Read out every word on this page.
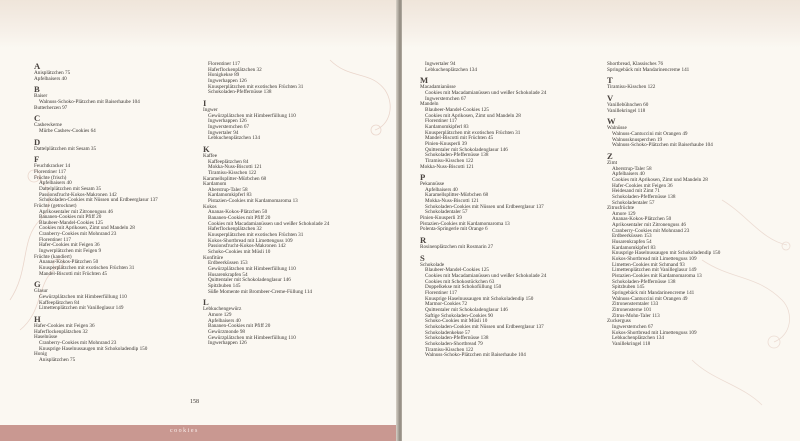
A
Anisplätzchen 75
Apfelbaisers 40
B
Baiser
Walnuss-Schoko-Plätzchen mit Baiserhaube 104
Butterherzen 97
C
Cashewkerne
Mürbe Cashew-Cookies 64
D
Dattelplätzchen mit Sesam 35
F
Feuchtkracker 14
Florentiner 117
Früchte (frisch)
Apfelbaisers 40
Dattelplätzchen mit Sesam 35
Passionsfrucht-Kokos-Makronen 142
Schokoladen-Cookies mit Nüssen und Erdbeerglasur 137
Früchte (getrocknet)
Aprikosentaler mit Zitronenguss 46
Bananen-Cookies mit Pfiff 20
Blaubeer-Mandel-Cookies 125
Cookies mit Aprikosen, Zimt und Mandeln 28
Cranberry-Cookies mit Mohnrand 23
Florentiner 117
Hafer-Cookies mit Feigen 36
Ingwerplätzchen mit Feigen 9
Früchte (kandiert)
Ananas-Kokos-Plätzchen 50
Knusperplätzchen mit exotischen Früchten 31
Mandel-Biscotti mit Früchten 45
G
Glasur
Gewürzplätzchen mit Himbeerfüllung 110
Kaffeeplätzchen 84
Limettenplätzchen mit Vanilleglasur 149
H
Hafer-Cookies mit Feigen 36
Haferflockenplätzchen 32
Haselnüsse
Cranberry-Cookies mit Mohnrand 23
Knusprige Haselnussaugen mit Schokoladendip 150
Honig
Anisplätzchen 75
Florentiner 117
Haferflockenplätzchen 32
Honigkekse 89
Ingwerhappen 126
Knusperplätzchen mit exotischen Früchten 31
Schokoladen-Pfeffernüsse 138
I
Ingwer
Gewürzplätzchen mit Himbeerfüllung 110
Ingwerhappen 126
Ingwersternchen 67
Ingwertaler 94
Lebkuchenplätzchen 134
K
Kaffee
Kaffeeplätzchen 84
Mokka-Nuss-Biscotti 121
Tiramisu-Kisschen 122
Karamellsplitter-Mürbchen 68
Kardamom
Aberstrup-Taler 58
Kardamomkipferl 83
Pistazien-Cookies mit Kardamomaroma 13
Kokos
Ananas-Kokos-Plätzchen 50
Bananen-Cookies mit Pfiff 20
Cookies mit Macadamianüssen und weißer Schokolade 24
Haferflockenplätzchen 32
Knusperplätzchen mit exotischen Früchten 31
Kokos-Shortbread mit Limettenguss 109
Passionsfrucht-Kokos-Makronen 142
Schoko-Cookies mit Müsli 10
Konfitüre
Erdbeerküssen 153
Gewürzplätzchen mit Himbeerfüllung 110
Husarenkrapfen 54
Quittentaler mit Schokoladenglasur 146
Spitzbuben 145
Süße Momente mit Brombeer-Creme-Füllung 114
L
Lebkuchengewürz
Amore 129
Apfelbaisers 40
Bananen-Cookies mit Pfiff 20
Gewürzmonde 98
Gewürzplätzchen mit Himbeerfüllung 110
Ingwerhappen 126
158
cookies
Ingwertaler 94
Lebkuchenplätzchen 134
M
Macadamianüsse
Cookies mit Macadamianüssen und weißer Schokolade 24
Ingwersternchen 67
Mandeln
Blaubeer-Mandel-Cookies 125
Cookies mit Aprikosen, Zimt und Mandeln 28
Florentiner 117
Kardamomkipferl 83
Knusperplätzchen mit exotischen Früchten 31
Mandel-Biscotti mit Früchten 45
Pinien-Knusperli 39
Quittentaler mit Schokoladenglasur 146
Schokoladen-Pfeffernüsse 138
Tiramisu-Kisschen 122
Mokka-Nuss-Biscotti 121
P
Pekannüsse
Apfelbaisers 40
Karamellsplitter-Mürbchen 68
Mokka-Nuss-Biscotti 121
Schokoladen-Cookies mit Nüssen und Erdbeerglasur 137
Schokoladentaler 57
Pinien-Knusperli 39
Pistazien-Cookies mit Kardamomaroma 13
Polenta-Springerle mit Orange 6
R
Rosinenplätzchen mit Rosmarin 27
S
Schokolade
Blaubeer-Mandel-Cookies 125
Cookies mit Macadamianüssen und weißer Schokolade 24
Cookies mit Schokostückchen 63
Doppelkekse mit Schokofüllung 150
Florentiner 117
Knusprige Haselnussaugen mit Schokoladendip 150
Marmor-Cookies 72
Quittentaler mit Schokoladenglasur 146
Saftige Schokoladen-Cookies 90
Schoko-Cookies mit Müsli 10
Schokoladen-Cookies mit Nüssen und Erdbeerglasur 137
Schokoladenkekse 57
Schokoladen-Pfeffernüsse 138
Schokoladen-Shortbread 79
Tiramisu-Kisschen 122
Walnuss-Schoko-Plätzchen mit Baiserhaube 104
Shortbread, Klassisches 76
Springebäck mit Mandarinencreme 141
T
Tiramisu-Kisschen 122
V
Vanillebühnchen 60
Vanillekringel 118
W
Walnüsse
Walnuss-Cantuccini mit Orangen 49
Walnussknusperchen 19
Walnuss-Schoko-Plätzchen mit Baiserhaube 104
Z
Zimt
Aberstrup-Taler 58
Apfelbaisers 40
Cookies mit Aprikosen, Zimt und Mandeln 28
Hafer-Cookies mit Feigen 36
Heidesand mit Zimt 71
Schokoladen-Pfeffernüsse 138
Schokoladentaler 57
Zitrusfrüchte
Amore 129
Ananas-Kokos-Plätzchen 50
Aprikosentaler mit Zitronenguss 46
Cranberry-Cookies mit Mohnrand 23
Erdbeerküssen 153
Husarenkrapfen 54
Kardamomkipferl 83
Knusprige Haselnussaugen mit Schokoladendip 150
Kokos-Shortbread mit Limettenguss 109
Limetten-Cookies mit Schmand 93
Limettenplätzchen mit Vanilleglasur 149
Pistazien-Cookies mit Kardamomaroma 13
Schokoladen-Pfeffernüsse 138
Spitzbuben 145
Springebäck mit Mandarinencreme 141
Walnuss-Cantuccini mit Orangen 49
Zitronensterntaler 133
Zitronensterne 101
Zitrus-Mohn-Taler 113
Zuckerguss
Ingwersternchen 67
Kokos-Shortbread mit Limettenguss 109
Lebkuchenplätzchen 134
Vanillekringel 118
